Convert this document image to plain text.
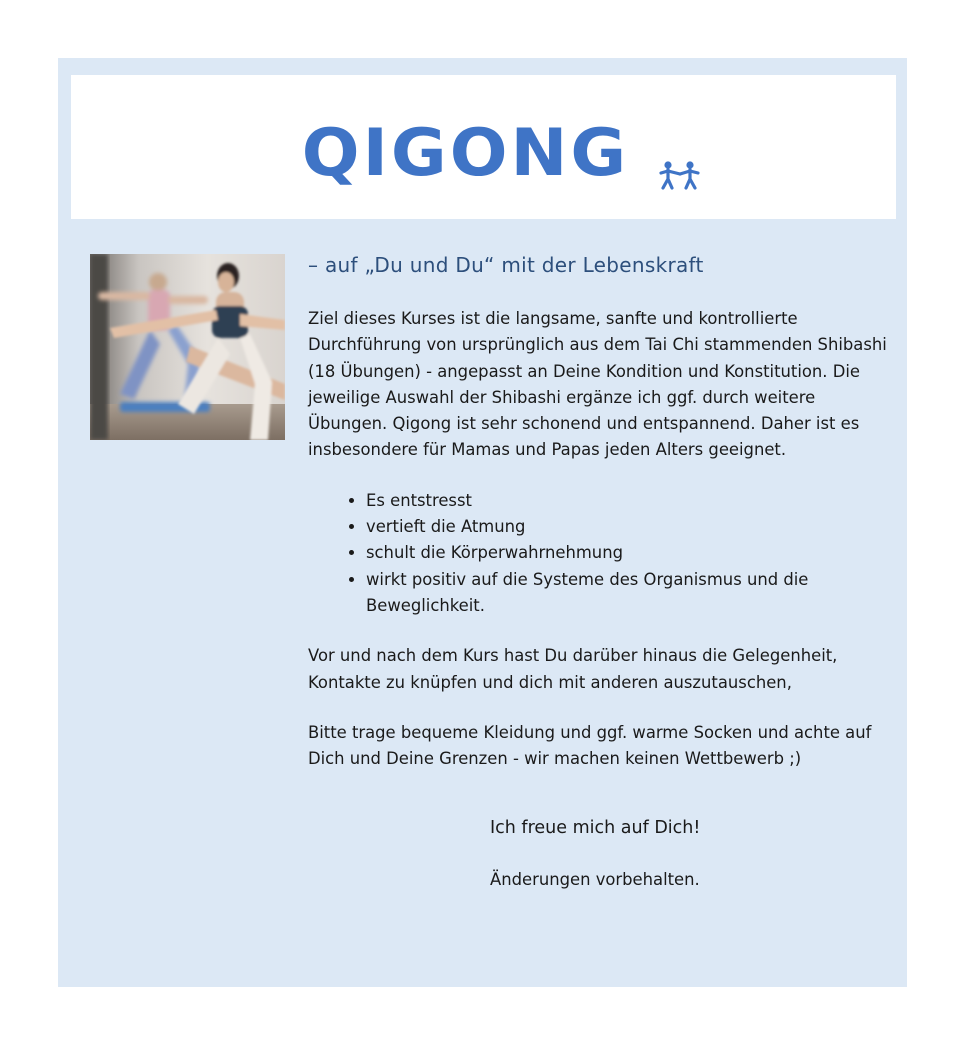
QIGONG
– auf „Du und Du“ mit der Lebenskraft

Ziel dieses Kurses ist die langsame, sanfte und kontrollierte Durchführung von ursprünglich aus dem Tai Chi stammenden Shibashi (18 Übungen) - angepasst an Deine Kondition und Konstitution. Die jeweilige Auswahl der Shibashi ergänze ich ggf. durch weitere Übungen. Qigong ist sehr schonend und entspannend. Daher ist es insbesondere für Mamas und Papas jeden Alters geeignet.

• Es entstresst
• vertieft die Atmung
• schult die Körperwahrnehmung
• wirkt positiv auf die Systeme des Organismus und die Beweglichkeit.

Vor und nach dem Kurs hast Du darüber hinaus die Gelegenheit, Kontakte zu knüpfen und dich mit anderen auszutauschen,

Bitte trage bequeme Kleidung und ggf. warme Socken und achte auf Dich und Deine Grenzen - wir machen keinen Wettbewerb ;)

Ich freue mich auf Dich!
Änderungen vorbehalten.
